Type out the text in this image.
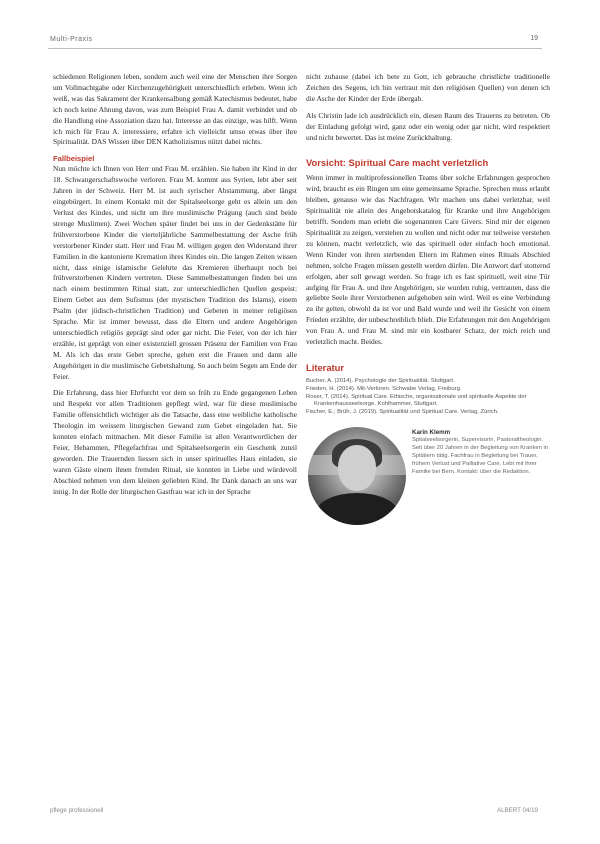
Multi-Praxis	19

schiedenen Religionen leben, sondern auch weil eine der Menschen ihre Sorgen um Vollmachtgabe oder Kirchenzugehörigkeit unterschiedlich erleben. Wenn ich weiß, was das Sakrament der Krankensalbung gemäß Katechismus bedeutet, habe ich noch keine Ahnung davon, was zum Beispiel Frau A. damit verbindet und ob die Handlung eine Assoziation dazu hat. Interesse an das einzige, was hilft. Wenn ich mich für Frau A. interessiere, erfahre ich vielleicht umso etwas über ihre Spiritualität. DAS Wissen über DEN Katholizismus nützt dabei nichts.

Fallbeispiel

Nun möchte ich Ihnen von Herr und Frau M. erzählen. Sie haben ihr Kind in der 18. Schwangerschaftswoche verloren. Frau M. kommt aus Syrien, lebt aber seit Jahren in der Schweiz. Herr M. ist auch syrischer Abstammung, aber längst eingebürgert. In einem Kontakt mit der Spitalseelsorge geht es allein um den Verlust des Kindes, und nicht um ihre muslimische Prägung (auch sind beide strenge Muslimen). Zwei Wochen später findet bei uns in der Gedenkstätte für frühverstorbene Kinder die vierteljährliche Sammelbestattung der Asche früh verstorbener Kinder statt. Herr und Frau M. willigen gegen den Widerstand ihrer Familien in die kantonierte Kremation ihres Kindes ein. Die langen Zeiten wissen nicht, dass einige islamische Gelehrte das Kremieren überhaupt noch bei frühverstorbenen Kindern vertreten. Diese Sammelbestattungen finden bei uns nach einem bestimmten Ritual statt, zur unterschiedlichen Quellen gespeist: Einem Gebet aus dem Sufismus (der mystischen Tradition des Islams), einem Psalm (der jüdisch-christlichen Tradition) und Gebeten in meiner religiösen Sprache. Mir ist immer bewusst, dass die Eltern und andere Angehörigen unterschiedlich religiös geprägt sind oder gar nicht. Die Feier, von der ich hier erzähle, ist geprägt von einer existenziell grossen Präsenz der Familien von Frau M. Als ich das erste Gebet spreche, gehen erst die Frauen und dann alle Angehörigen in die muslimische Gebetshaltung. So auch beim Segen am Ende der Feier.

Die Erfahrung, dass hier Ehrfurcht vor dem so früh zu Ende gegangenen Leben und Respekt vor allen Traditionen gepflegt wird, war für diese muslimische Familie offensichtlich wichtiger als die Tatsache, dass eine weibliche katholische Theologin im weissem liturgischen Gewand zum Gebet eingeladen hat. Sie konnten einfach mitmachen. Mit dieser Familie ist allen Verantwortlichen der Feier, Hebammen, Pflegefachfrau und Spitalseelsorgerin ein Geschenk zuteil geworden. Die Trauernden liessen sich in unser spirituelles Haus einladen, sie waren Gäste einem ihnen fremden Ritual, sie konnten in Liebe und würdevoll Abschied nehmen von dem kleinen geliebten Kind. Ihr Dank danach an uns war innig. In der Rolle der liturgischen Gastfrau war ich in der Sprache

nicht zuhause (dabei ich bete zu Gott, ich gebrauche christliche traditionelle Zeichen des Segens, ich bin vertraut mit den religiösen Quellen) von denen ich die Asche der Kinder der Erde übergab.

Als Christin lade ich ausdrücklich ein, diesen Raum des Trauerns zu betreten. Ob der Einladung gefolgt wird, ganz oder ein wenig oder gar nicht, wird respektiert und nicht bewertet. Das ist meine Zurückhaltung.

Vorsicht: Spiritual Care macht verletzlich

Wenn immer in multiprofessionellen Teams über solche Erfahrungen gesprochen wird, braucht es ein Ringen um eine gemeinsame Sprache. Sprechen muss erlaubt bleiben, genauso wie das Nachfragen. Wir machen uns dabei verletzbar, weil Spiritualität nie allein des Angebotskatalog für Kranke und ihre Angehörigen betrifft. Sondern man erlebt die sogenannten Care Givers. Sind mir der eigenen Spiritualität zu zeigen, verstehen zu wollen und nicht oder nur teilweise verstehen zu können, macht verletzlich, wie das spirituell oder einfach hoch emotional. Wenn Kinder von ihren sterbenden Eltern im Rahmen eines Rituals Abschied nehmen, solche Fragen müssen gestellt werden dürfen. Die Antwort darf stotternd erfolgen, aber soll gewagt werden. So frage ich es fast spirituell, weil eine Tür aufging für Frau A. und ihre Angehörigen, sie wurden ruhig, vertrauten, dass die geliebte Seele ihrer Verstorbenen aufgehoben sein wird. Weil es eine Verbindung zu ihr gelten, obwohl da ist vor und Bald wurde und weil ihr Gesicht von einem Frieden erzählte, der unbeschreiblich blieb. Die Erfahrungen mit den Angehörigen von Frau A. und Frau M. sind mir ein kostbarer Schatz, der mich reich und verletzlich macht. Beides.

Literatur
Bucher, A. (2014). Psychologie der Spiritualität. Stuttgart.
Frieden, H. (2014). Mit-Verloren. Schwabe Verlag, Freiburg.
Roser, T. (2014). Spiritual Care. Ethische, organisationale und spirituelle Aspekte der Krankenhausseelsorge. Kohlhammer, Stuttgart.
Fischer, E.; Brüh, J. (2019). Spiritualität und Spiritual Care. Verlag, Zürich.
Karin Klemm
Spitalseelsorgerin, Supervisorin, Pastoraltheologin. Seit über 20 Jahren in der Begleitung von Kranken in Spitälern tätig. Fachfrau in Begleitung bei Trauer, frühem Verlust und Palliative Care. Lebt mit ihrer Familie bei Bern. Kontakt: über die Redaktion.
pflege professionell	ALBERT 04/19
